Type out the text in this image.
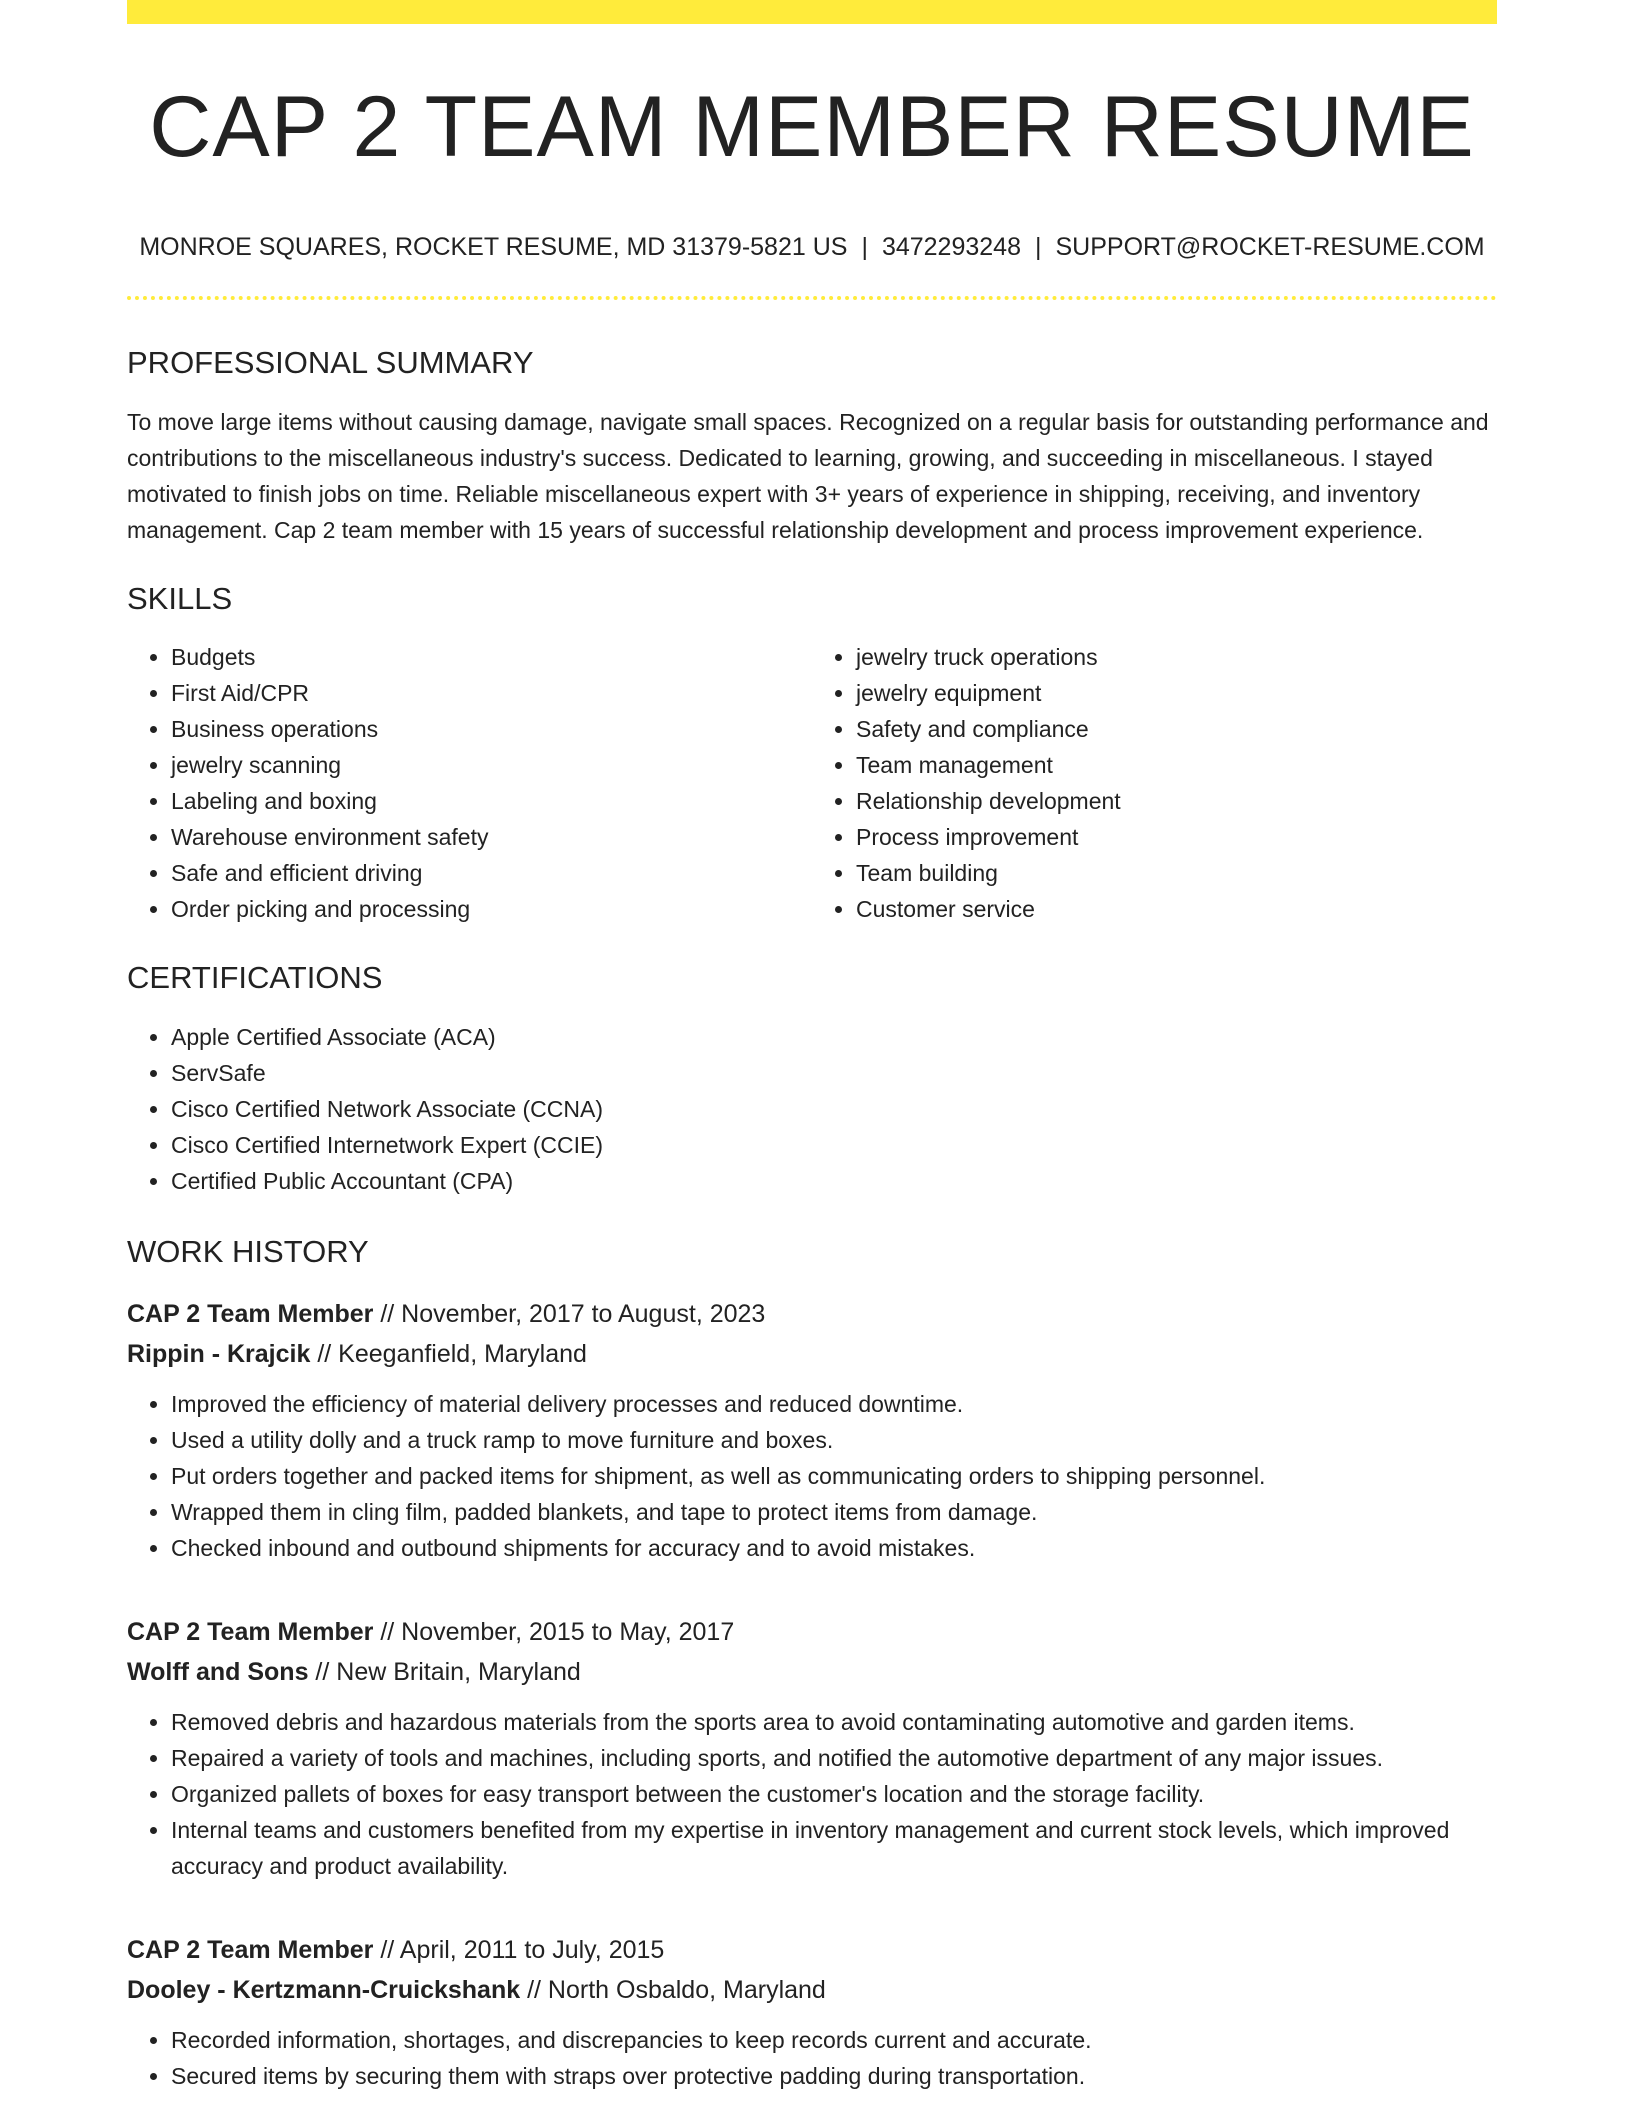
CAP 2 TEAM MEMBER RESUME
MONROE SQUARES, ROCKET RESUME, MD 31379-5821 US | 3472293248 | SUPPORT@ROCKET-RESUME.COM
PROFESSIONAL SUMMARY
To move large items without causing damage, navigate small spaces. Recognized on a regular basis for outstanding performance and contributions to the miscellaneous industry's success. Dedicated to learning, growing, and succeeding in miscellaneous. I stayed motivated to finish jobs on time. Reliable miscellaneous expert with 3+ years of experience in shipping, receiving, and inventory management. Cap 2 team member with 15 years of successful relationship development and process improvement experience.
SKILLS
• Budgets
• First Aid/CPR
• Business operations
• jewelry scanning
• Labeling and boxing
• Warehouse environment safety
• Safe and efficient driving
• Order picking and processing
• jewelry truck operations
• jewelry equipment
• Safety and compliance
• Team management
• Relationship development
• Process improvement
• Team building
• Customer service
CERTIFICATIONS
• Apple Certified Associate (ACA)
• ServSafe
• Cisco Certified Network Associate (CCNA)
• Cisco Certified Internetwork Expert (CCIE)
• Certified Public Accountant (CPA)
WORK HISTORY
CAP 2 Team Member // November, 2017 to August, 2023
Rippin - Krajcik // Keeganfield, Maryland
• Improved the efficiency of material delivery processes and reduced downtime.
• Used a utility dolly and a truck ramp to move furniture and boxes.
• Put orders together and packed items for shipment, as well as communicating orders to shipping personnel.
• Wrapped them in cling film, padded blankets, and tape to protect items from damage.
• Checked inbound and outbound shipments for accuracy and to avoid mistakes.
CAP 2 Team Member // November, 2015 to May, 2017
Wolff and Sons // New Britain, Maryland
• Removed debris and hazardous materials from the sports area to avoid contaminating automotive and garden items.
• Repaired a variety of tools and machines, including sports, and notified the automotive department of any major issues.
• Organized pallets of boxes for easy transport between the customer's location and the storage facility.
• Internal teams and customers benefited from my expertise in inventory management and current stock levels, which improved accuracy and product availability.
CAP 2 Team Member // April, 2011 to July, 2015
Dooley - Kertzmann-Cruickshank // North Osbaldo, Maryland
• Recorded information, shortages, and discrepancies to keep records current and accurate.
• Secured items by securing them with straps over protective padding during transportation.
